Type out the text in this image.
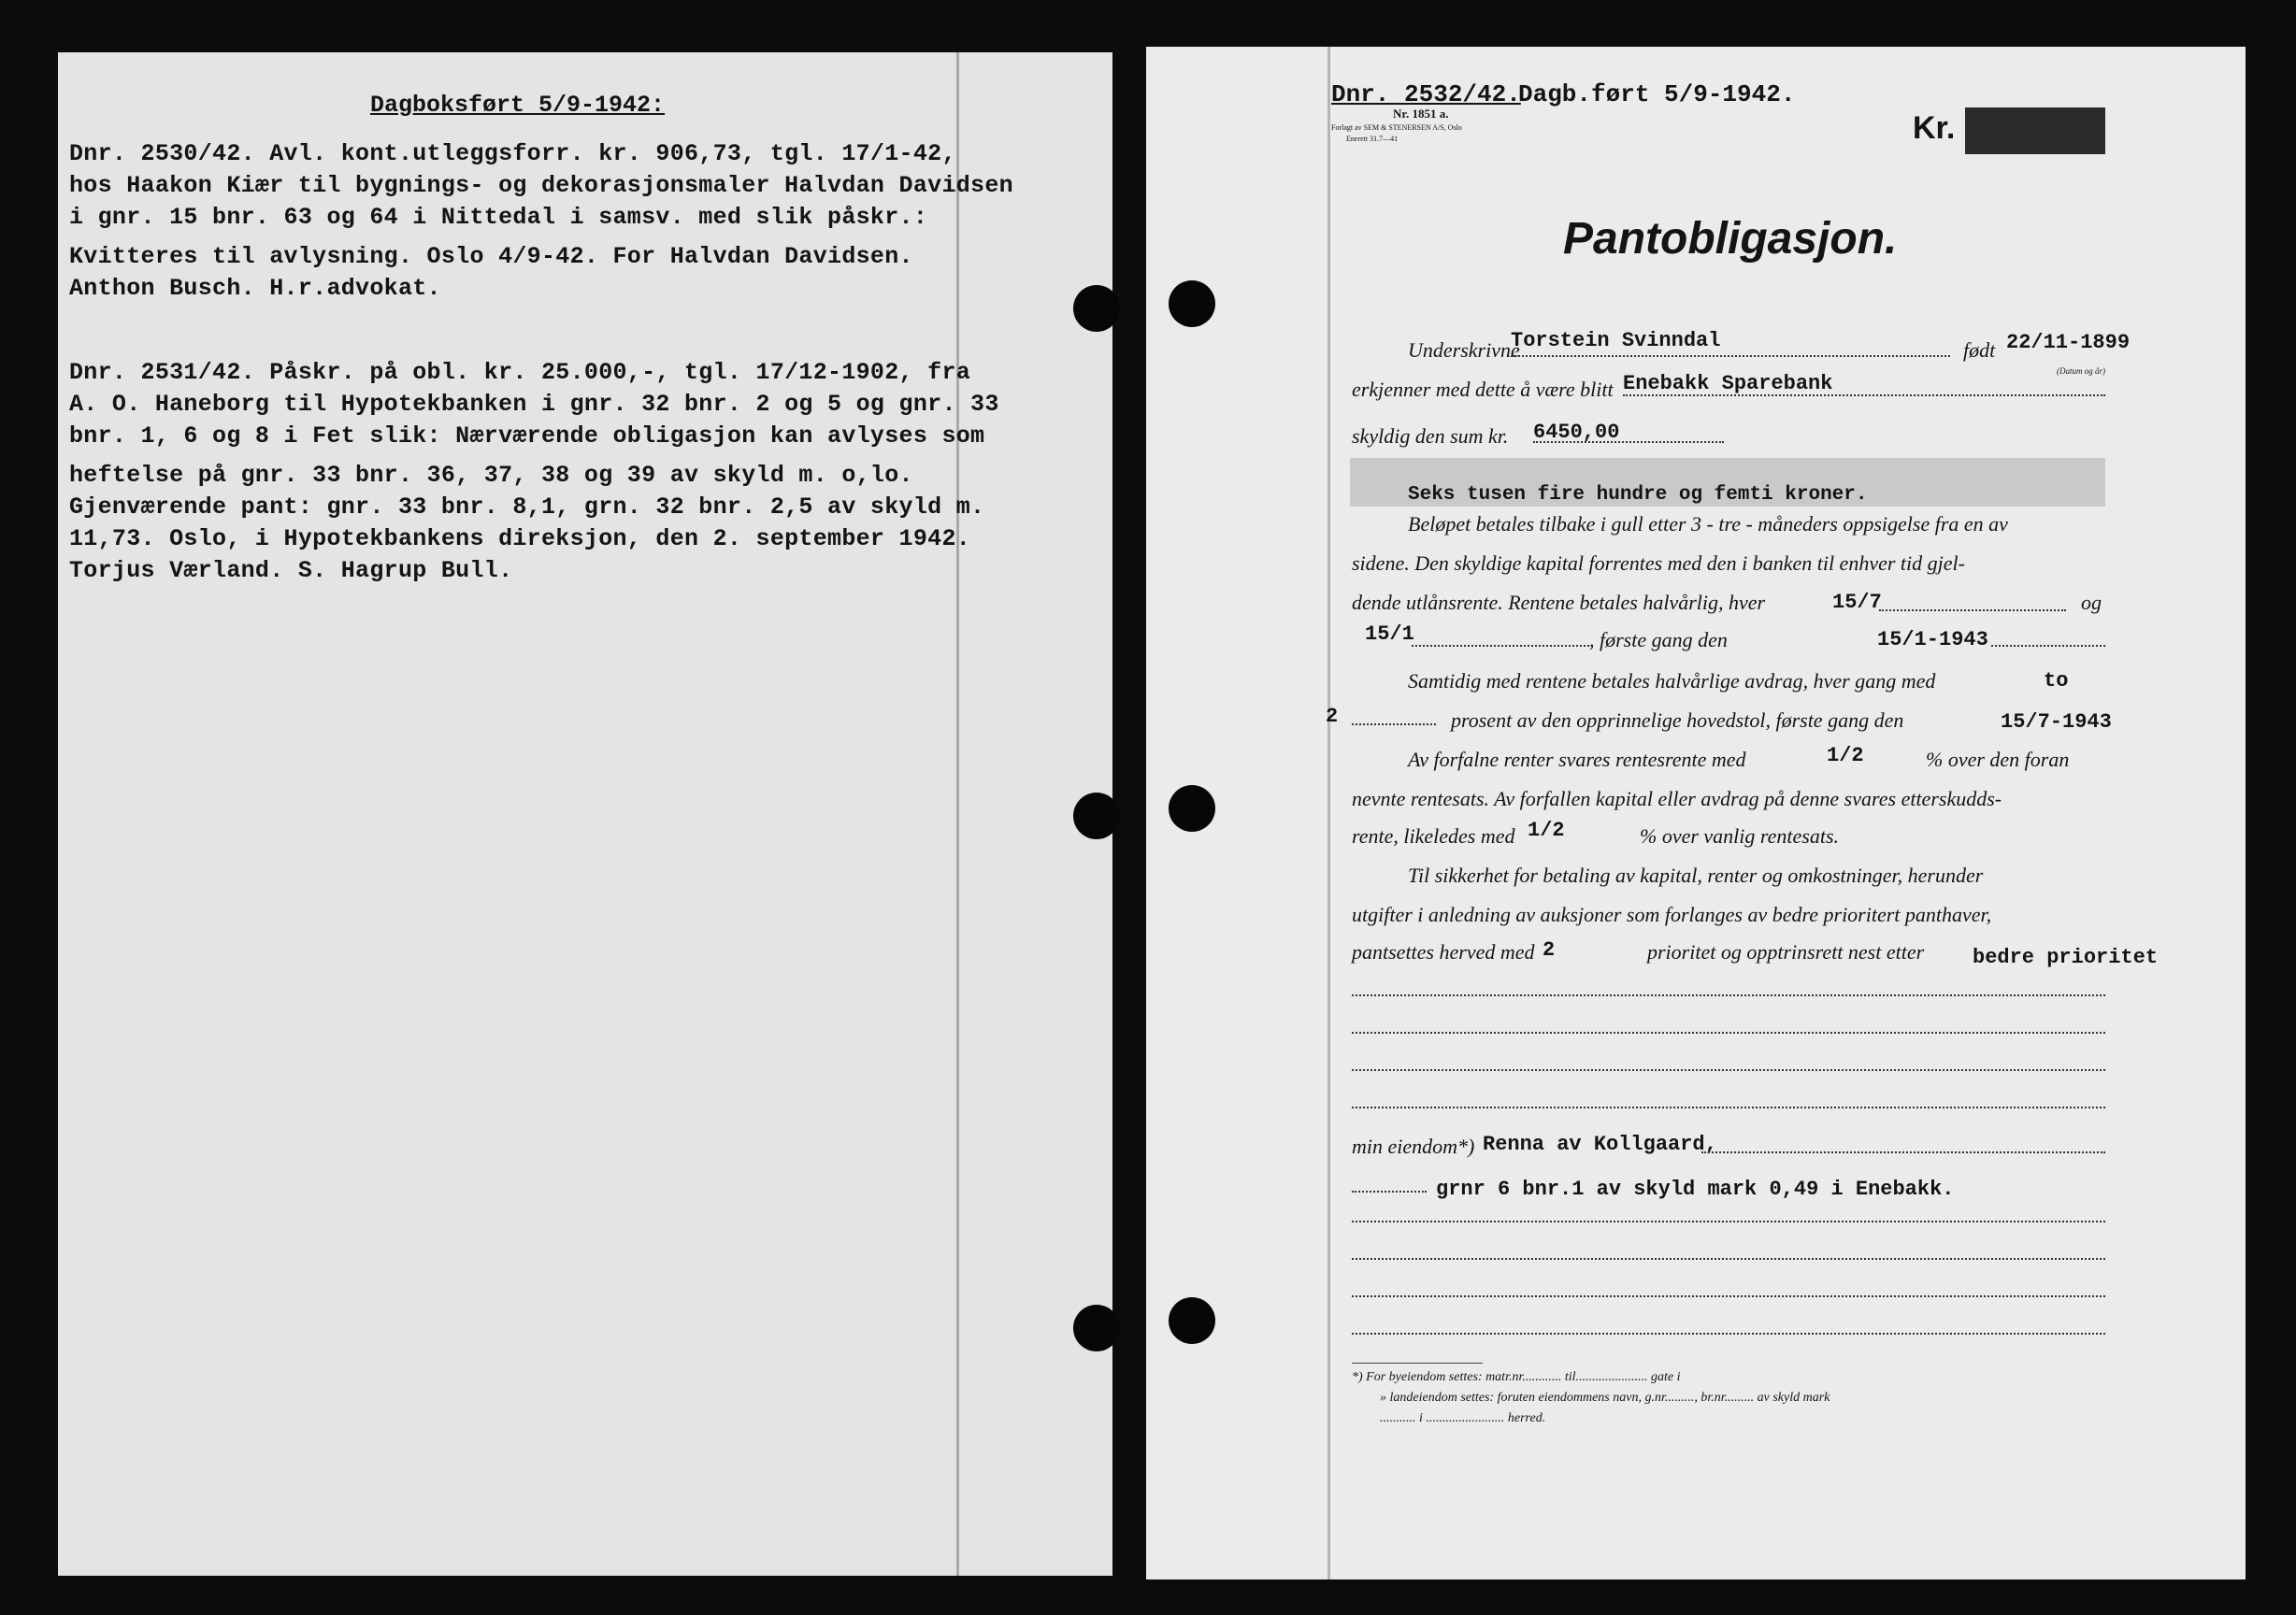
Dagboksført 5/9-1942:
Dnr. 2530/42. Avl. kont.utleggsforr. kr. 906,73, tgl. 17/1-42,
hos Haakon Kiær til bygnings- og dekorasjonsmaler Halvdan Davidsen
i gnr. 15 bnr. 63 og 64 i Nittedal i samsv. med slik påskr.:
Kvitteres til avlysning. Oslo 4/9-42. For Halvdan Davidsen.
Anthon Busch. H.r.advokat.
Dnr. 2531/42. Påskr. på obl. kr. 25.000,-, tgl. 17/12-1902, fra
A. O. Haneborg til Hypotekbanken i gnr. 32 bnr. 2 og 5 og gnr. 33
bnr. 1, 6 og 8 i Fet slik: Nærværende obligasjon kan avlyses som
heftelse på gnr. 33 bnr. 36, 37, 38 og 39 av skyld m. o,lo.
Gjenværende pant: gnr. 33 bnr. 8,1, grn. 32 bnr. 2,5 av skyld m.
11,73. Oslo, i Hypotekbankens direksjon, den 2. september 1942.
Torjus Værland. S. Hagrup Bull.
Dnr. 2532/42.
Dagb.ført 5/9-1942.
Nr. 1851 a.
Forlagt av SEM & STENERSEN A/S, Oslo
Enerett 31.7—41	Kr.
Pantobligasjon.
Underskrivne
Torstein Svinndal	født 22/11-1899
(Datum og år)
erkjenner med dette å være blitt Enebakk Sparebank
skyldig den sum kr. 6450,00
Seks tusen fire hundre og femti kroner.
Beløpet betales tilbake i gull etter 3 - tre - måneders oppsigelse fra en av
sidene. Den skyldige kapital forrentes med den i banken til enhver tid gjel-
dende utlånsrente. Rentene betales halvårlig, hver	15/7	og
15/1	, første gang den	15/1-1943
Samtidig med rentene betales halvårlige avdrag, hver gang med	to
2	prosent av den opprinnelige hovedstol, første gang den	15/7-1943
Av forfalne renter svares rentesrente med	1/2	% over den foran
nevnte rentesats. Av forfallen kapital eller avdrag på denne svares etterskudds-
rente, likeledes med 1/2	% over vanlig rentesats.
Til sikkerhet for betaling av kapital, renter og omkostninger, herunder
utgifter i anledning av auksjoner som forlanges av bedre prioritert panthaver,
pantsettes herved med 2	prioritet og opptrinsrett nest etter bedre prioritet
min eiendom*) Renna av Kollgaard,
grnr 6 bnr.1 av skyld mark 0,49 i Enebakk.
*) For byeiendom settes: matr.nr............ til...................... gate i
» landeiendom settes: foruten eiendommens navn, g.nr........., br.nr......... av skyld mark
........... i ........................ herred.
